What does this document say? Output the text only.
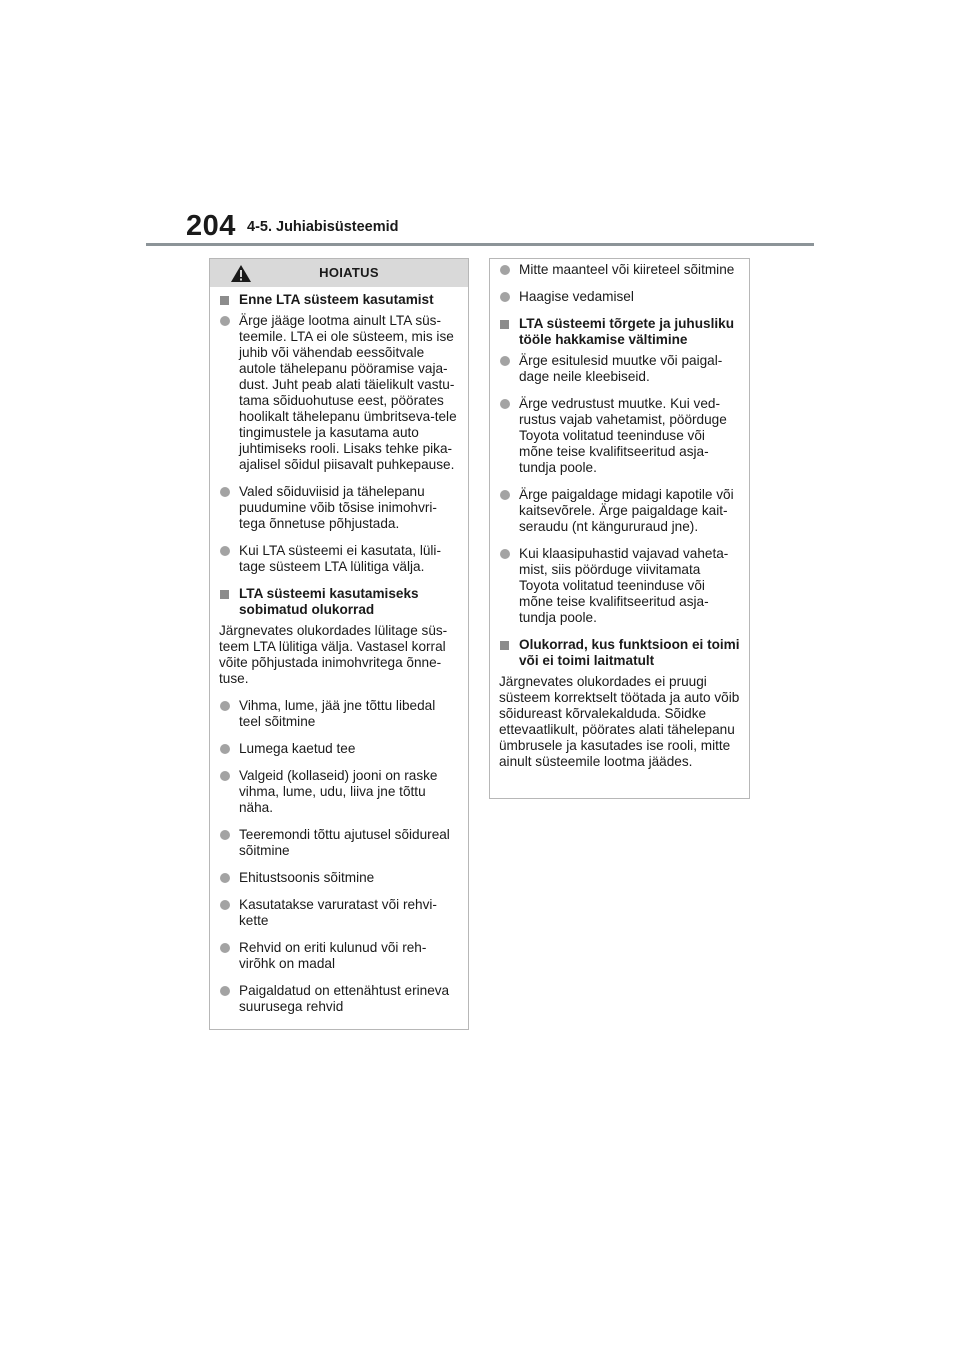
204 4-5. Juhiabisüsteemid
HOIATUS
Enne LTA süsteem kasutamist
Ärge jääge lootma ainult LTA süs-teemile. LTA ei ole süsteem, mis ise juhib või vähendab eessõitvale autole tähelepanu pööramise vaja-dust. Juht peab alati täielikult vastu-tama sõiduohutuse eest, pöörates hoolikalt tähelepanu ümbritseva-tele tingimustele ja kasutama auto juhtimiseks rooli. Lisaks tehke pika-ajalisel sõidul piisavalt puhkepause.
Valed sõiduviisid ja tähelepanu puudumine võib tõsise inimohvri-tega õnnetuse põhjustada.
Kui LTA süsteemi ei kasutata, lüli-tage süsteem LTA lülitiga välja.
LTA süsteemi kasutamiseks sobimatud olukorrad
Järgnevates olukordades lülitage süs-teem LTA lülitiga välja. Vastasel korral võite põhjustada inimohvritega õnne-tuse.
Vihma, lume, jää jne tõttu libedal teel sõitmine
Lumega kaetud tee
Valgeid (kollaseid) jooni on raske vihma, lume, udu, liiva jne tõttu näha.
Teeremondi tõttu ajutusel sõidureal sõitmine
Ehitustsoonis sõitmine
Kasutatakse varuratast või rehvi-kette
Rehvid on eriti kulunud või reh-virõhk on madal
Paigaldatud on ettenähtust erineva suurusega rehvid
Mitte maanteel või kiireteel sõitmine
Haagise vedamisel
LTA süsteemi tõrgete ja juhusliku tööle hakkamise vältimine
Ärge esitulesid muutke või paigal-dage neile kleebiseid.
Ärge vedrustust muutke. Kui ved-rustus vajab vahetamist, pöörduge Toyota volitatud teeninduse või mõne teise kvalifitseeritud asja-tundja poole.
Ärge paigaldage midagi kapotile või kaitsevõrele. Ärge paigaldage kait-seraudu (nt kängururaud jne).
Kui klaasipuhastid vajavad vaheta-mist, siis pöörduge viivitamata Toyota volitatud teeninduse või mõne teise kvalifitseeritud asja-tundja poole.
Olukorrad, kus funktsioon ei toimi või ei toimi laitmatult
Järgnevates olukordades ei pruugi süsteem korrektselt töötada ja auto võib sõidureast kõrvalekalduda. Sõidke ettevaatlikult, pöörates alati tähelepanu ümbrusele ja kasutades ise rooli, mitte ainult süsteemile lootma jäädes.
